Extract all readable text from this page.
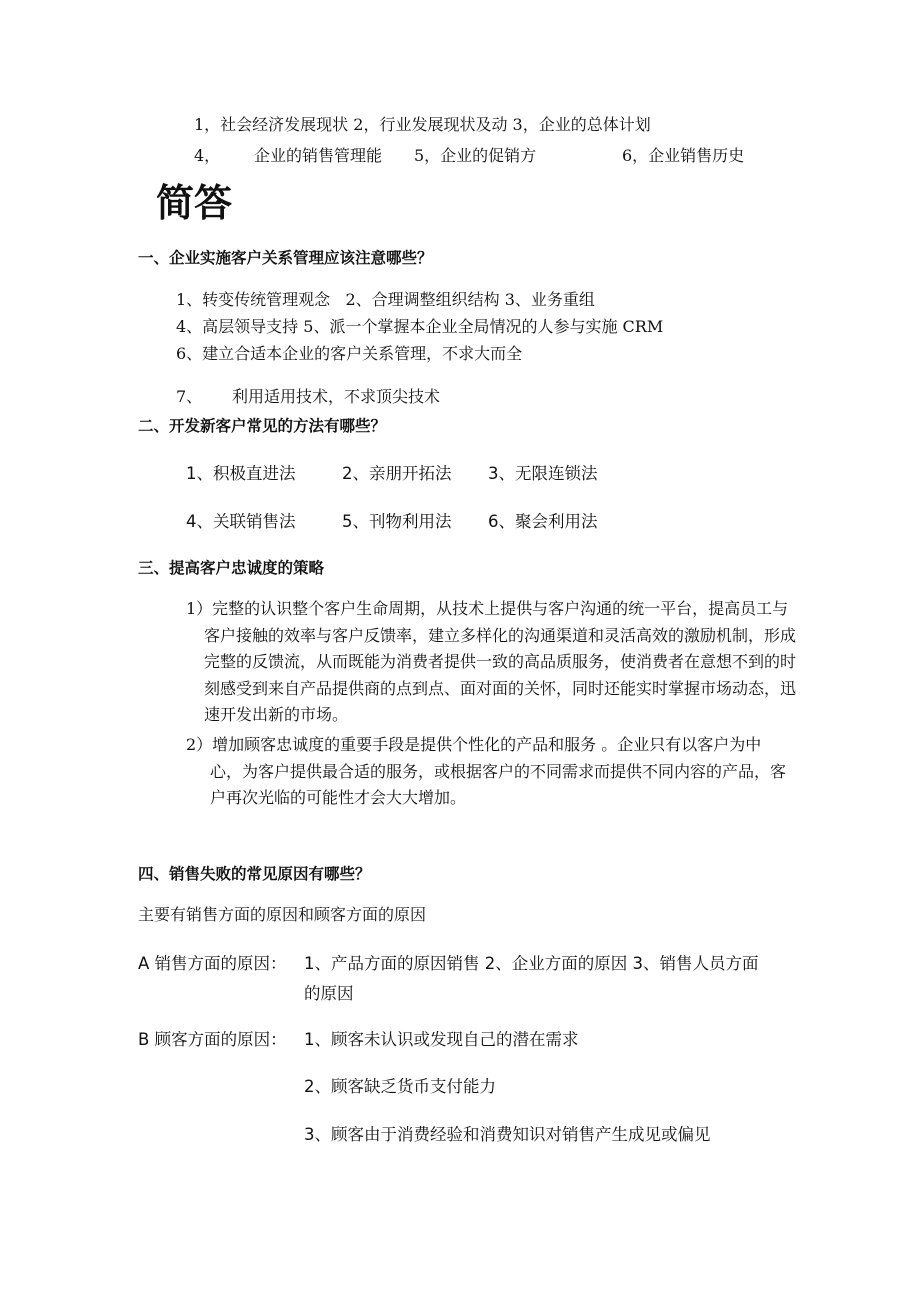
1，社会经济发展现状 2，行业发展现状及动 3，企业的总体计划
4， 企业的销售管理能 5，企业的促销方	6，企业销售历史
简答
一、企业实施客户关系管理应该注意哪些？
1、转变传统管理观念   2、合理调整组织结构 3、业务重组
4、高层领导支持 5、派一个掌握本企业全局情况的人参与实施 CRM
6、建立合适本企业的客户关系管理，不求大而全
7、 利用适用技术，不求顶尖技术
二、开发新客户常见的方法有哪些？
1、积极直进法	2、亲朋开拓法 3、无限连锁法
4、关联销售法	5、刊物利用法 6、聚会利用法
三、提高客户忠诚度的策略
1）完整的认识整个客户生命周期，从技术上提供与客户沟通的统一平台，提高员工与客户接触的效率与客户反馈率，建立多样化的沟通渠道和灵活高效的激励机制，形成完整的反馈流，从而既能为消费者提供一致的高品质服务，使消费者在意想不到的时刻感受到来自产品提供商的点到点、面对面的关怀，同时还能实时掌握市场动态，迅速开发出新的市场。
2）增加顾客忠诚度的重要手段是提供个性化的产品和服务 。企业只有以客户为中心，为客户提供最合适的服务，或根据客户的不同需求而提供不同内容的产品，客户再次光临的可能性才会大大增加。
四、销售失败的常见原因有哪些？
主要有销售方面的原因和顾客方面的原因
A 销售方面的原因： 1、产品方面的原因销售 2、企业方面的原因 3、销售人员方面
的原因
B 顾客方面的原因： 1、顾客未认识或发现自己的潜在需求
2、顾客缺乏货币支付能力
3、顾客由于消费经验和消费知识对销售产生成见或偏见
